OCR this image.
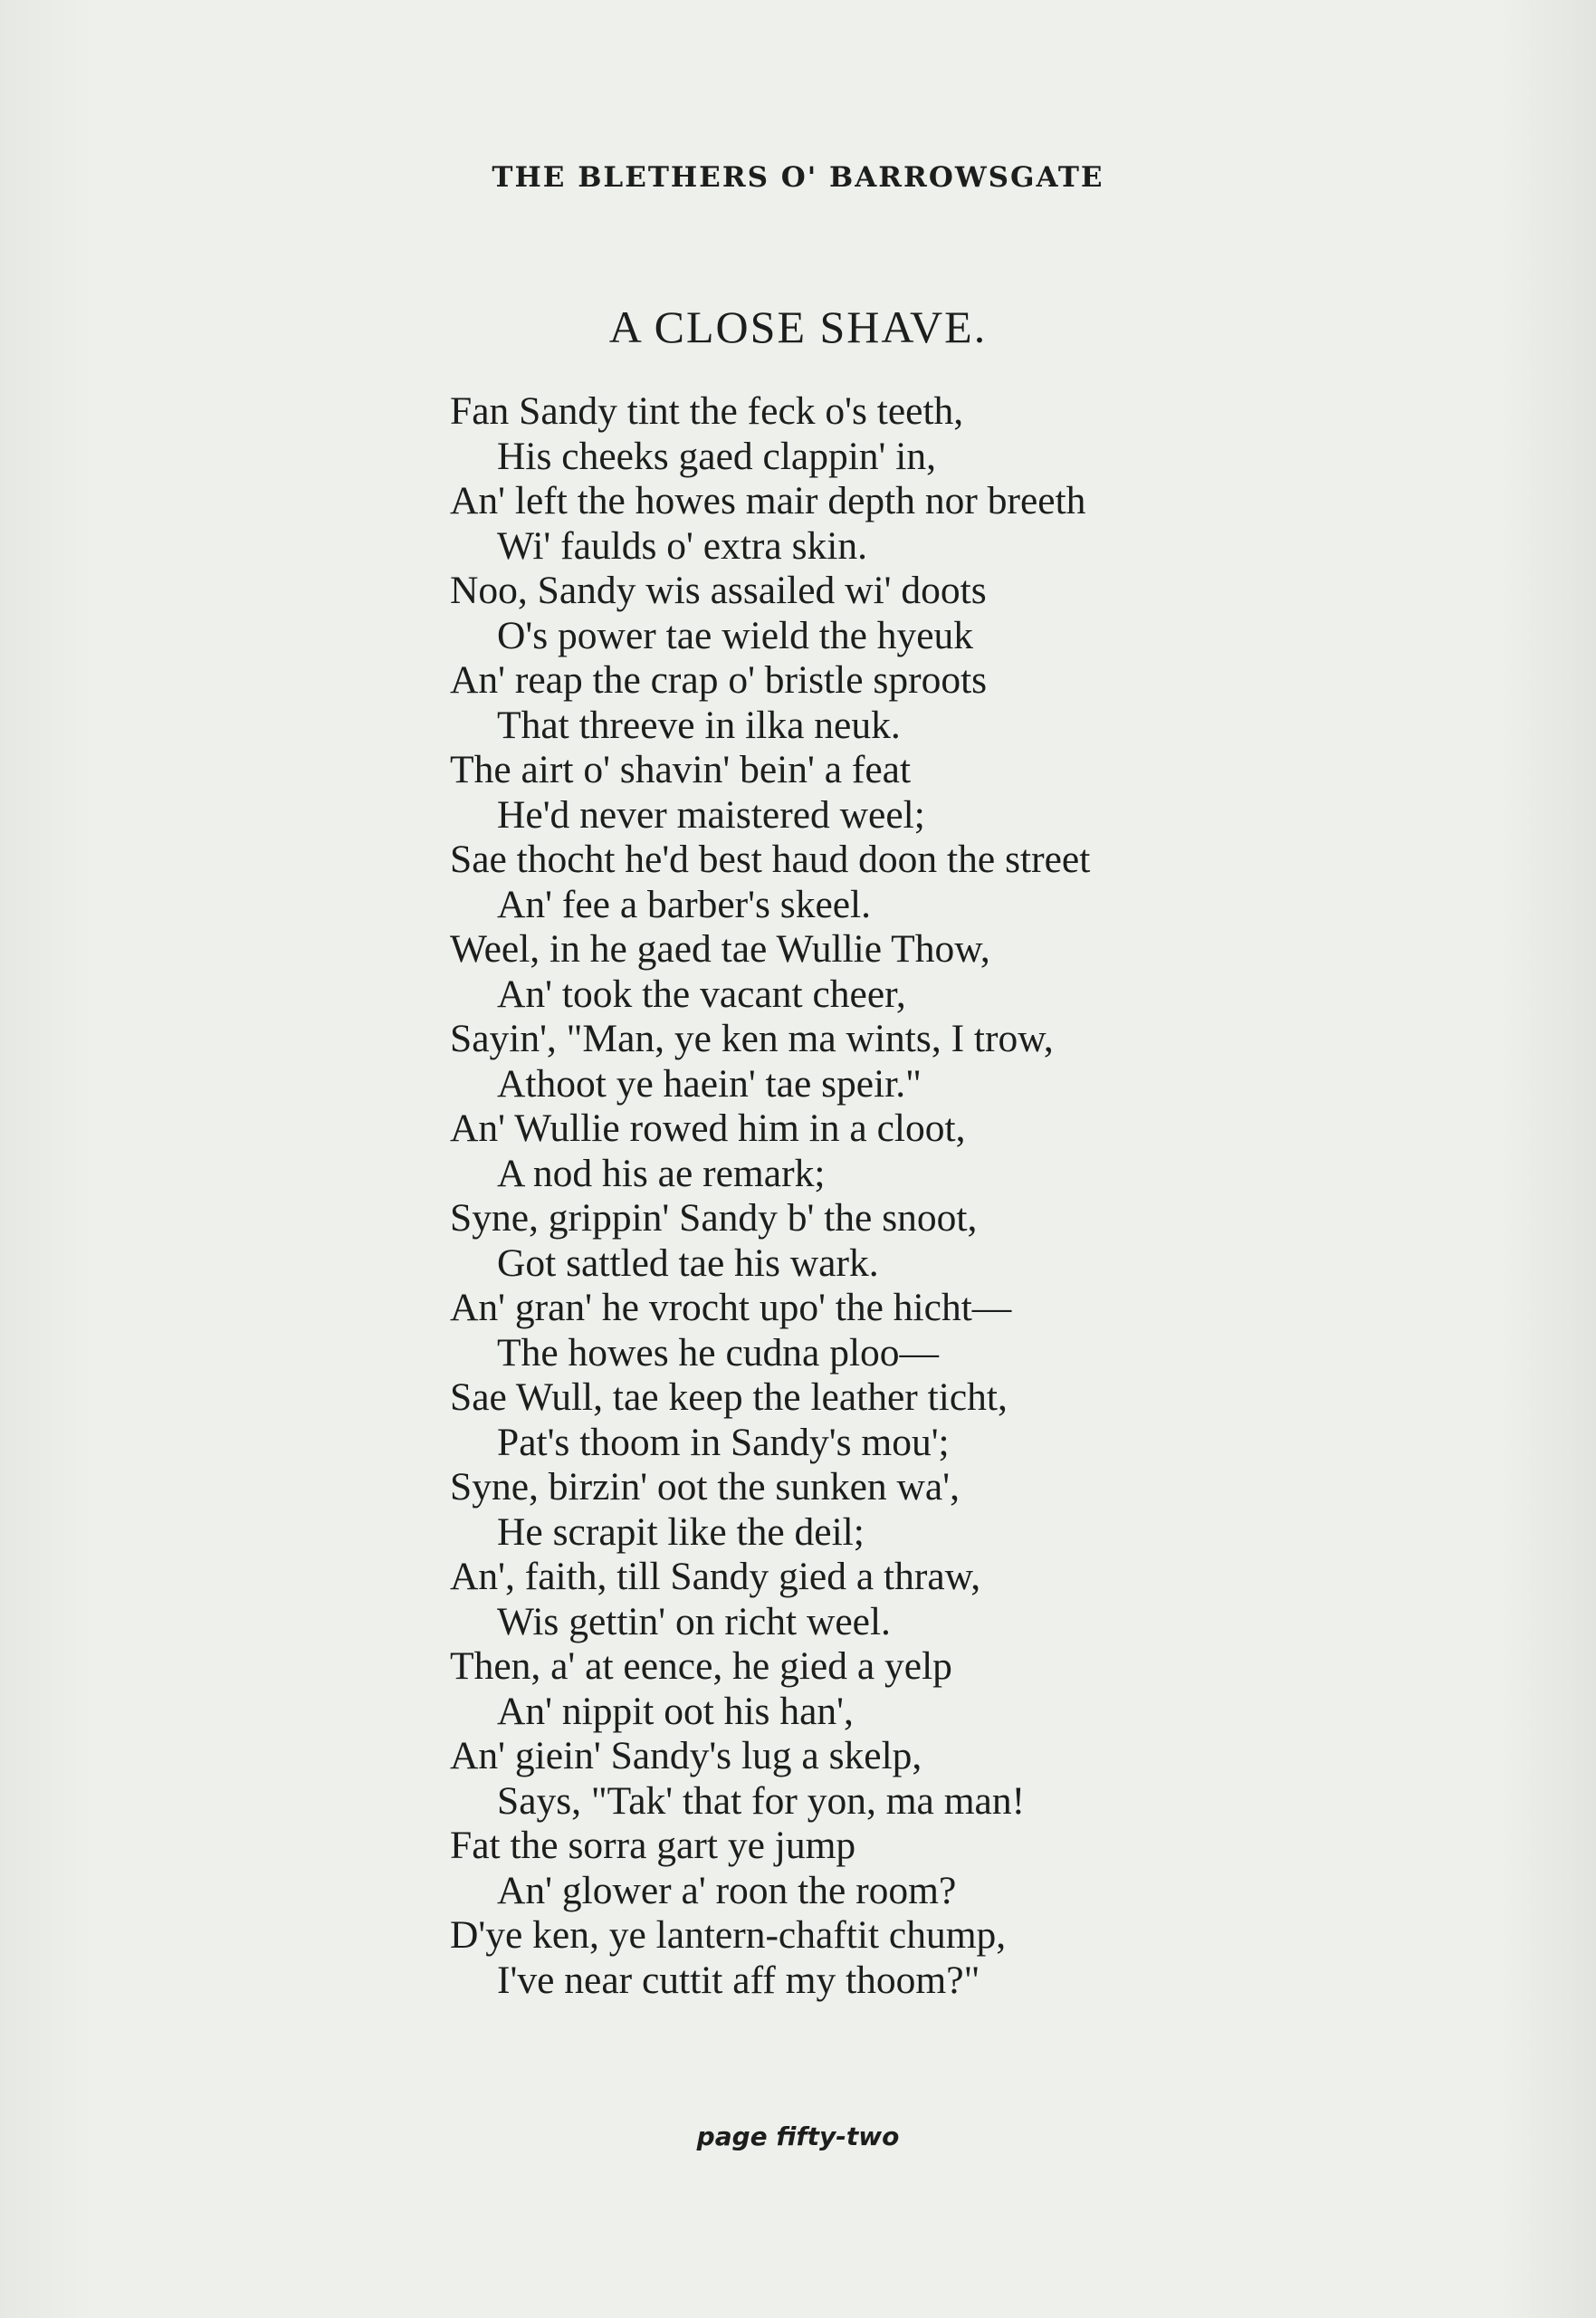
THE BLETHERS O' BARROWSGATE
A CLOSE SHAVE.
Fan Sandy tint the feck o's teeth,
His cheeks gaed clappin' in,
An' left the howes mair depth nor breeth
Wi' faulds o' extra skin.
Noo, Sandy wis assailed wi' doots
O's power tae wield the hyeuk
An' reap the crap o' bristle sproots
That threeve in ilka neuk.
The airt o' shavin' bein' a feat
He'd never maistered weel;
Sae thocht he'd best haud doon the street
An' fee a barber's skeel.
Weel, in he gaed tae Wullie Thow,
An' took the vacant cheer,
Sayin', "Man, ye ken ma wints, I trow,
Athoot ye haein' tae speir."
An' Wullie rowed him in a cloot,
A nod his ae remark;
Syne, grippin' Sandy b' the snoot,
Got sattled tae his wark.
An' gran' he vrocht upo' the hicht—
The howes he cudna ploo—
Sae Wull, tae keep the leather ticht,
Pat's thoom in Sandy's mou';
Syne, birzin' oot the sunken wa',
He scrapit like the deil;
An', faith, till Sandy gied a thraw,
Wis gettin' on richt weel.
Then, a' at eence, he gied a yelp
An' nippit oot his han',
An' giein' Sandy's lug a skelp,
Says, "Tak' that for yon, ma man!
Fat the sorra gart ye jump
An' glower a' roon the room?
D'ye ken, ye lantern-chaftit chump,
I've near cuttit aff my thoom?"
page fifty-two
